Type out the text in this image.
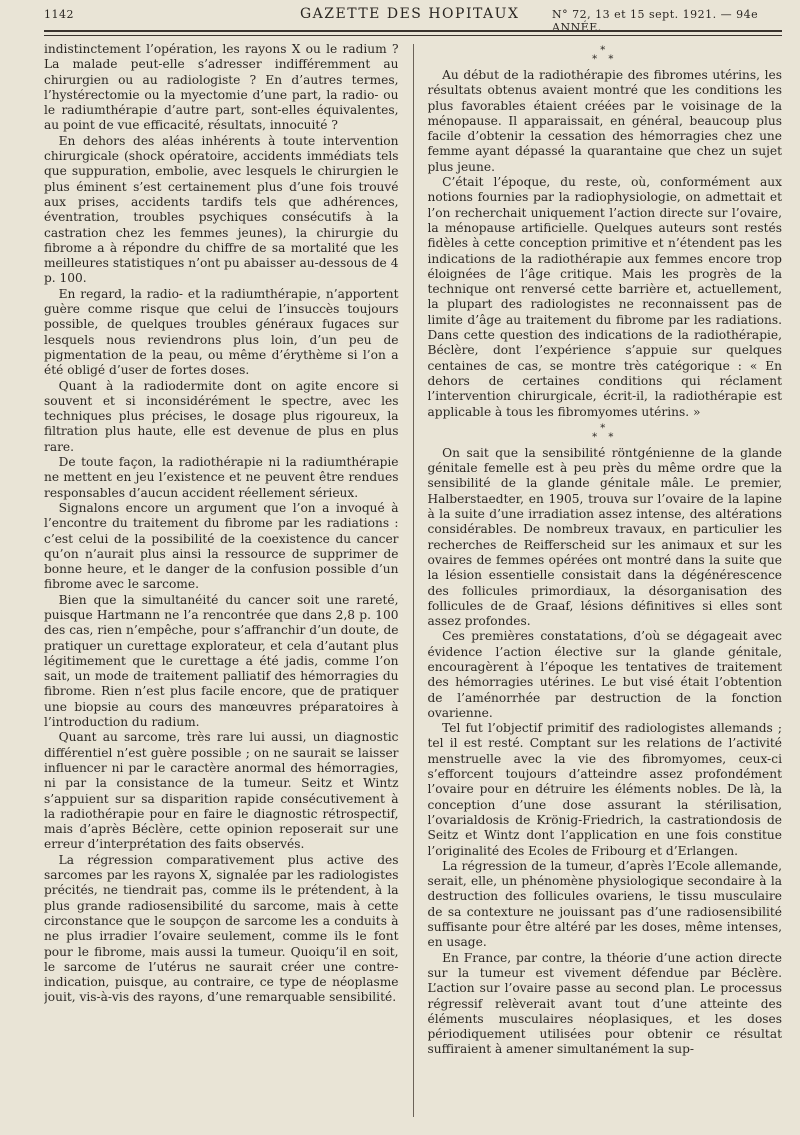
1142	GAZETTE DES HOPITAUX	N° 72, 13 et 15 sept. 1921. — 94e ANNÉE.

indistinctement l’opération, les rayons X ou le radium ? La malade peut-elle s’adresser indifféremment au chirurgien ou au radiologiste ? En d’autres termes, l’hystérectomie ou la myectomie d’une part, la radio- ou le radiumthérapie d’autre part, sont-elles équivalentes, au point de vue efficacité, résultats, innocuité ?

En dehors des aléas inhérents à toute intervention chirurgicale (shock opératoire, accidents immédiats tels que suppuration, embolie, avec lesquels le chirurgien le plus éminent s’est certainement plus d’une fois trouvé aux prises, accidents tardifs tels que adhérences, éventration, troubles psychiques consécutifs à la castration chez les femmes jeunes), la chirurgie du fibrome a à répondre du chiffre de sa mortalité que les meilleures statistiques n’ont pu abaisser au-dessous de 4 p. 100.

En regard, la radio- et la radiumthérapie, n’apportent guère comme risque que celui de l’insuccès toujours possible, de quelques troubles généraux fugaces sur lesquels nous reviendrons plus loin, d’un peu de pigmentation de la peau, ou même d’érythème si l’on a été obligé d’user de fortes doses.

Quant à la radiodermite dont on agite encore si souvent et si inconsidérément le spectre, avec les techniques plus précises, le dosage plus rigoureux, la filtration plus haute, elle est devenue de plus en plus rare.

De toute façon, la radiothérapie ni la radiumthérapie ne mettent en jeu l’existence et ne peuvent être rendues responsables d’aucun accident réellement sérieux.

Signalons encore un argument que l’on a invoqué à l’encontre du traitement du fibrome par les radiations : c’est celui de la possibilité de la coexistence du cancer qu’on n’aurait plus ainsi la ressource de supprimer de bonne heure, et le danger de la confusion possible d’un fibrome avec le sarcome.

Bien que la simultanéité du cancer soit une rareté, puisque Hartmann ne l’a rencontrée que dans 2,8 p. 100 des cas, rien n’empêche, pour s’affranchir d’un doute, de pratiquer un curettage explorateur, et cela d’autant plus légitimement que le curettage a été jadis, comme l’on sait, un mode de traitement palliatif des hémorragies du fibrome. Rien n’est plus facile encore, que de pratiquer une biopsie au cours des manœuvres préparatoires à l’introduction du radium.

Quant au sarcome, très rare lui aussi, un diagnostic différentiel n’est guère possible ; on ne saurait se laisser influencer ni par le caractère anormal des hémorragies, ni par la consistance de la tumeur. Seitz et Wintz s’appuient sur sa disparition rapide consécutivement à la radiothérapie pour en faire le diagnostic rétrospectif, mais d’après Béclère, cette opinion reposerait sur une erreur d’interprétation des faits observés.

La régression comparativement plus active des sarcomes par les rayons X, signalée par les radiologistes précités, ne tiendrait pas, comme ils le prétendent, à la plus grande radiosensibilité du sarcome, mais à cette circonstance que le soupçon de sarcome les a conduits à ne plus irradier l’ovaire seulement, comme ils le font pour le fibrome, mais aussi la tumeur. Quoiqu’il en soit, le sarcome de l’utérus ne saurait créer une contre-indication, puisque, au contraire, ce type de néoplasme jouit, vis-à-vis des rayons, d’une remarquable sensibilité.

*
* *

Au début de la radiothérapie des fibromes utérins, les résultats obtenus avaient montré que les conditions les plus favorables étaient créées par le voisinage de la ménopause. Il apparaissait, en général, beaucoup plus facile d’obtenir la cessation des hémorragies chez une femme ayant dépassé la quarantaine que chez un sujet plus jeune.

C’était l’époque, du reste, où, conformément aux notions fournies par la radiophysiologie, on admettait et l’on recherchait uniquement l’action directe sur l’ovaire, la ménopause artificielle. Quelques auteurs sont restés fidèles à cette conception primitive et n’étendent pas les indications de la radiothérapie aux femmes encore trop éloignées de l’âge critique. Mais les progrès de la technique ont renversé cette barrière et, actuellement, la plupart des radiologistes ne reconnaissent pas de limite d’âge au traitement du fibrome par les radiations. Dans cette question des indications de la radiothérapie, Béclère, dont l’expérience s’appuie sur quelques centaines de cas, se montre très catégorique : « En dehors de certaines conditions qui réclament l’intervention chirurgicale, écrit-il, la radiothérapie est applicable à tous les fibromyomes utérins. »

*
* *

On sait que la sensibilité röntgénienne de la glande génitale femelle est à peu près du même ordre que la sensibilité de la glande génitale mâle. Le premier, Halberstaedter, en 1905, trouva sur l’ovaire de la lapine à la suite d’une irradiation assez intense, des altérations considérables. De nombreux travaux, en particulier les recherches de Reifferscheid sur les animaux et sur les ovaires de femmes opérées ont montré dans la suite que la lésion essentielle consistait dans la dégénérescence des follicules primordiaux, la désorganisation des follicules de de Graaf, lésions définitives si elles sont assez profondes.

Ces premières constatations, d’où se dégageait avec évidence l’action élective sur la glande génitale, encouragèrent à l’époque les tentatives de traitement des hémorragies utérines. Le but visé était l’obtention de l’aménorrhée par destruction de la fonction ovarienne.

Tel fut l’objectif primitif des radiologistes allemands ; tel il est resté. Comptant sur les relations de l’activité menstruelle avec la vie des fibromyomes, ceux-ci s’efforcent toujours d’atteindre assez profondément l’ovaire pour en détruire les éléments nobles. De là, la conception d’une dose assurant la stérilisation, l’ovarialdosis de Krönig-Friedrich, la castrationdosis de Seitz et Wintz dont l’application en une fois constitue l’originalité des Ecoles de Fribourg et d’Erlangen.

La régression de la tumeur, d’après l’Ecole allemande, serait, elle, un phénomène physiologique secondaire à la destruction des follicules ovariens, le tissu musculaire de sa contexture ne jouissant pas d’une radiosensibilité suffisante pour être altéré par les doses, même intenses, en usage.

En France, par contre, la théorie d’une action directe sur la tumeur est vivement défendue par Béclère. L’action sur l’ovaire passe au second plan. Le processus régressif relèverait avant tout d’une atteinte des éléments musculaires néoplasiques, et les doses périodiquement utilisées pour obtenir ce résultat suffiraient à amener simultanément la sup-
